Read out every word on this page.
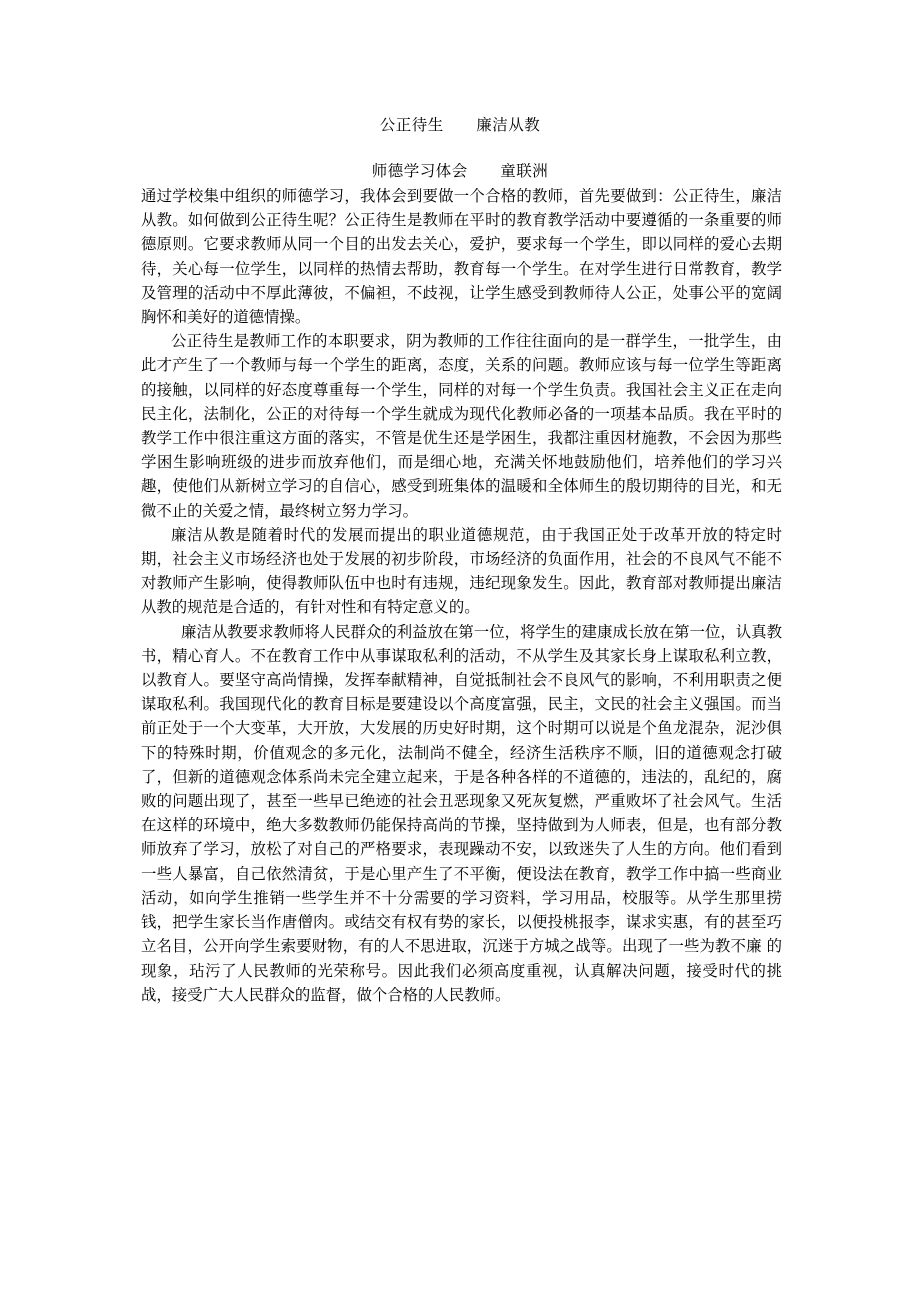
公正待生      廉洁从教
师德学习体会      童联洲

通过学校集中组织的师德学习，我体会到要做一个合格的教师，首先要做到：公正待生，廉洁从教。如何做到公正待生呢？公正待生是教师在平时的教育教学活动中要遵循的一条重要的师德原则。它要求教师从同一个目的出发去关心，爱护，要求每一个学生，即以同样的爱心去期待，关心每一位学生，以同样的热情去帮助，教育每一个学生。在对学生进行日常教育，教学及管理的活动中不厚此薄彼，不偏袒，不歧视，让学生感受到教师待人公正，处事公平的宽阔胸怀和美好的道德情操。

公正待生是教师工作的本职要求，阴为教师的工作往往面向的是一群学生，一批学生，由此才产生了一个教师与每一个学生的距离，态度，关系的问题。教师应该与每一位学生等距离的接触，以同样的好态度尊重每一个学生，同样的对每一个学生负责。我国社会主义正在走向民主化，法制化，公正的对待每一个学生就成为现代化教师必备的一项基本品质。我在平时的教学工作中很注重这方面的落实，不管是优生还是学困生，我都注重因材施教，不会因为那些学困生影响班级的进步而放弃他们，而是细心地，充满关怀地鼓励他们，培养他们的学习兴趣，使他们从新树立学习的自信心，感受到班集体的温暖和全体师生的殷切期待的目光，和无微不止的关爱之情，最终树立努力学习。

廉洁从教是随着时代的发展而提出的职业道德规范，由于我国正处于改革开放的特定时期，社会主义市场经济也处于发展的初步阶段，市场经济的负面作用，社会的不良风气不能不对教师产生影响，使得教师队伍中也时有违规，违纪现象发生。因此，教育部对教师提出廉洁从教的规范是合适的，有针对性和有特定意义的。

廉洁从教要求教师将人民群众的利益放在第一位，将学生的建康成长放在第一位，认真教书，精心育人。不在教育工作中从事谋取私利的活动，不从学生及其家长身上谋取私利立教，以教育人。要坚守高尚情操，发挥奉献精神，自觉抵制社会不良风气的影响，不利用职责之便谋取私利。我国现代化的教育目标是要建设以个高度富强，民主，文民的社会主义强国。而当前正处于一个大变革，大开放，大发展的历史好时期，这个时期可以说是个鱼龙混杂，泥沙俱下的特殊时期，价值观念的多元化，法制尚不健全，经济生活秩序不顺，旧的道德观念打破了，但新的道德观念体系尚未完全建立起来，于是各种各样的不道德的，违法的，乱纪的，腐败的问题出现了，甚至一些早已绝迹的社会丑恶现象又死灰复燃，严重败坏了社会风气。生活在这样的环境中，绝大多数教师仍能保持高尚的节操，坚持做到为人师表，但是，也有部分教师放弃了学习，放松了对自己的严格要求，表现躁动不安，以致迷失了人生的方向。他们看到一些人暴富，自己依然清贫，于是心里产生了不平衡，便设法在教育，教学工作中搞一些商业活动，如向学生推销一些学生并不十分需要的学习资料，学习用品，校服等。从学生那里捞钱，把学生家长当作唐僧肉。或结交有权有势的家长，以便投桃报李，谋求实惠，有的甚至巧立名目，公开向学生索要财物，有的人不思进取，沉迷于方城之战等。出现了一些为教不廉 的现象，玷污了人民教师的光荣称号。因此我们必须高度重视，认真解决问题，接受时代的挑战，接受广大人民群众的监督，做个合格的人民教师。
